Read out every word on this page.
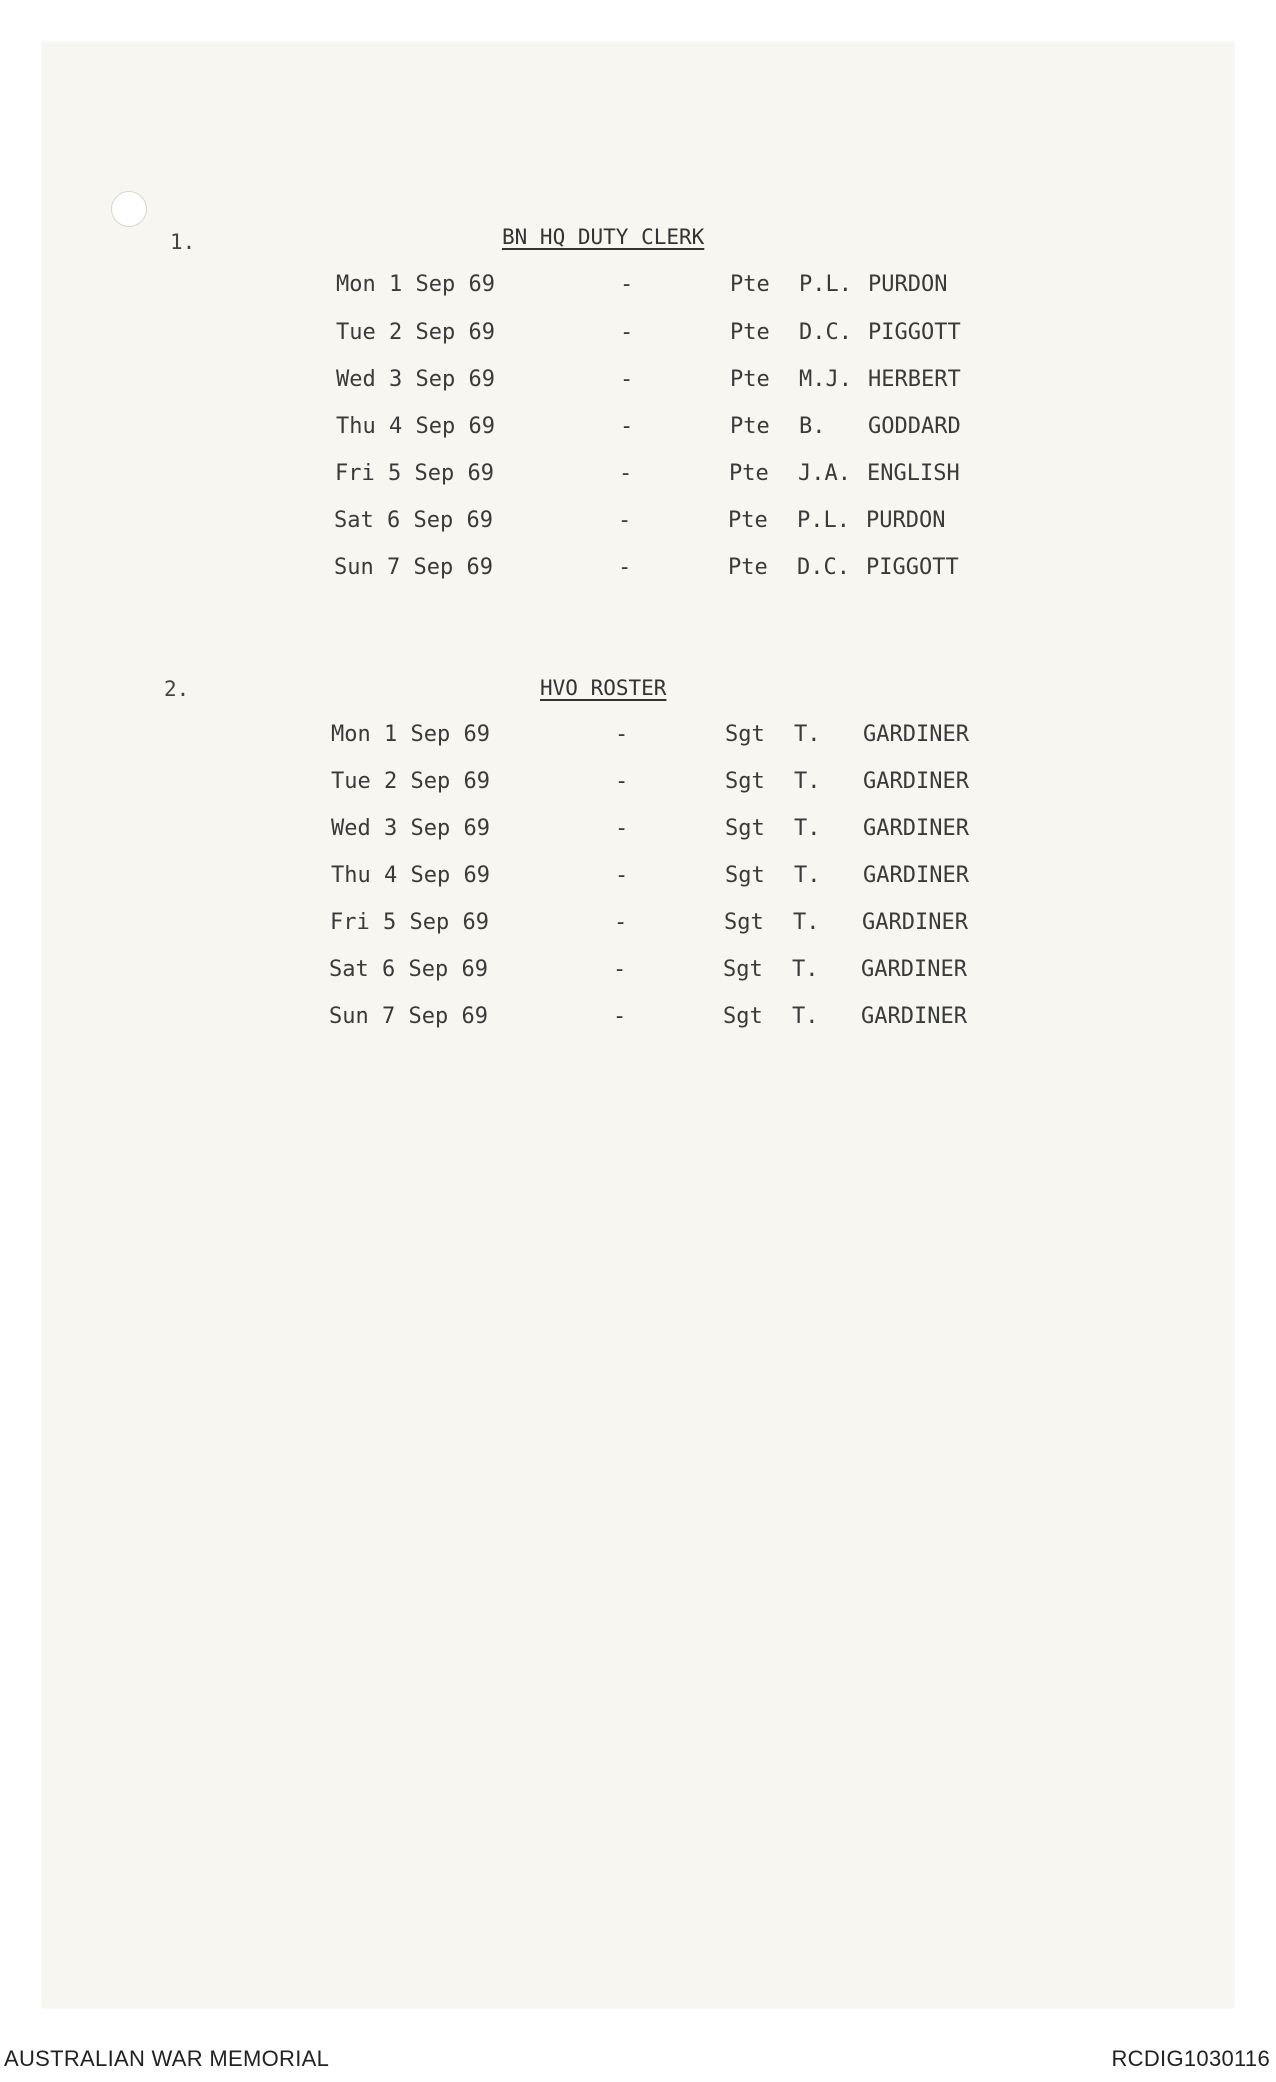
1.	BN HQ DUTY CLERK
Mon 1 Sep 69	-	Pte P.L. PURDON
Tue 2 Sep 69	-	Pte D.C. PIGGOTT
Wed 3 Sep 69	-	Pte M.J. HERBERT
Thu 4 Sep 69	-	Pte B. GODDARD
Fri 5 Sep 69	-	Pte J.A. ENGLISH
Sat 6 Sep 69	-	Pte P.L. PURDON
Sun 7 Sep 69	-	Pte D.C. PIGGOTT
2.	HVO ROSTER
Mon 1 Sep 69	-	Sgt T. GARDINER
Tue 2 Sep 69	-	Sgt T. GARDINER
Wed 3 Sep 69	-	Sgt T. GARDINER
Thu 4 Sep 69	-	Sgt T. GARDINER
Fri 5 Sep 69	-	Sgt T. GARDINER
Sat 6 Sep 69	-	Sgt T. GARDINER
Sun 7 Sep 69	-	Sgt T. GARDINER
AUSTRALIAN WAR MEMORIAL	RCDIG1030116
